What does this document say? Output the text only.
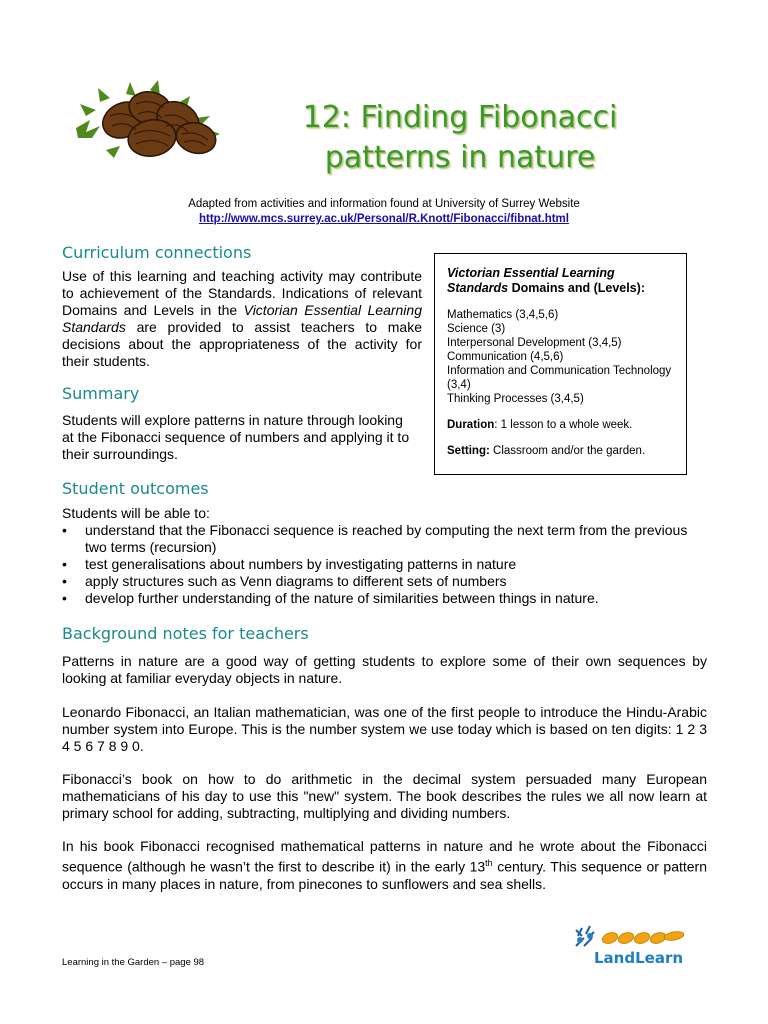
12: Finding Fibonacci
patterns in nature
Adapted from activities and information found at University of Surrey Website
http://www.mcs.surrey.ac.uk/Personal/R.Knott/Fibonacci/fibnat.html
Curriculum connections

Use of this learning and teaching activity may contribute to achievement of the Standards. Indications of relevant Domains and Levels in the Victorian Essential Learning Standards are provided to assist teachers to make decisions about the appropriateness of the activity for their students.

Victorian Essential Learning Standards Domains and (Levels):

Mathematics (3,4,5,6)

Science (3)

Interpersonal Development (3,4,5)

Communication (4,5,6)

Information and Communication Technology (3,4)

Thinking Processes (3,4,5)

Duration: 1 lesson to a whole week.
Setting: Classroom and/or the garden.
Summary

Students will explore patterns in nature through looking at the Fibonacci sequence of numbers and applying it to their surroundings.

Student outcomes
Students will be able to:
• understand that the Fibonacci sequence is reached by computing the next term from the previous two terms (recursion)
• test generalisations about numbers by investigating patterns in nature
• apply structures such as Venn diagrams to different sets of numbers
• develop further understanding of the nature of similarities between things in nature.
Background notes for teachers

Patterns in nature are a good way of getting students to explore some of their own sequences by looking at familiar everyday objects in nature.

Leonardo Fibonacci, an Italian mathematician, was one of the first people to introduce the Hindu-Arabic number system into Europe. This is the number system we use today which is based on ten digits: 1 2 3 4 5 6 7 8 9 0.

Fibonacci’s book on how to do arithmetic in the decimal system persuaded many European mathematicians of his day to use this "new" system. The book describes the rules we all now learn at primary school for adding, subtracting, multiplying and dividing numbers.

In his book Fibonacci recognised mathematical patterns in nature and he wrote about the Fibonacci sequence (although he wasn’t the first to describe it) in the early 13th century. This sequence or pattern occurs in many places in nature, from pinecones to sunflowers and sea shells.

Learning in the Garden – page 98	LandLearn
